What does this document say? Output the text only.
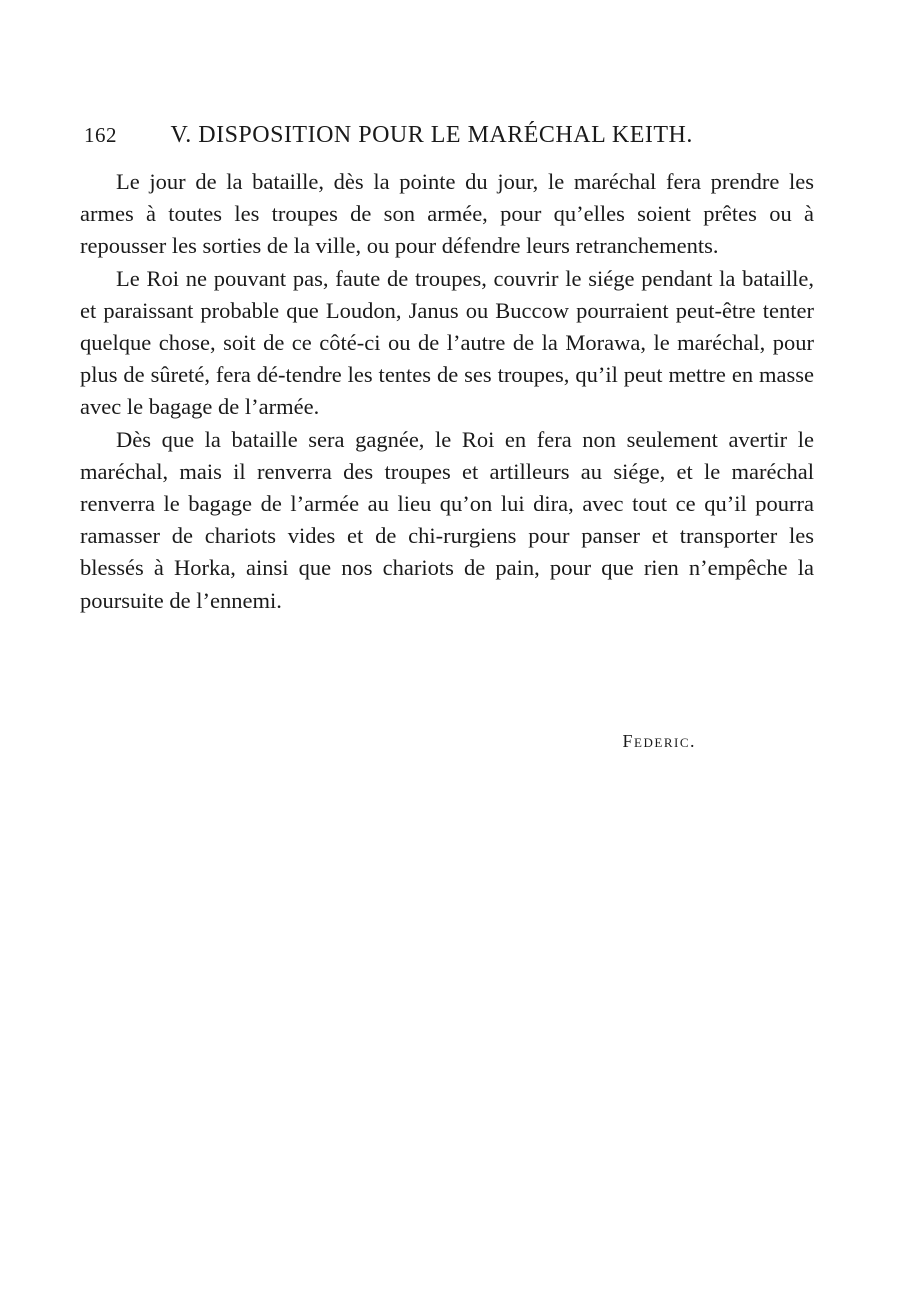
162 V. DISPOSITION POUR LE MARÉCHAL KEITH.

Le jour de la bataille, dès la pointe du jour, le maréchal fera prendre les armes à toutes les troupes de son armée, pour qu’elles soient prêtes ou à repousser les sorties de la ville, ou pour défendre leurs retranchements.

Le Roi ne pouvant pas, faute de troupes, couvrir le siége pendant la bataille, et paraissant probable que Loudon, Janus ou Buccow pourraient peut-être tenter quelque chose, soit de ce côté-ci ou de l’autre de la Morawa, le maréchal, pour plus de sûreté, fera dé-tendre les tentes de ses troupes, qu’il peut mettre en masse avec le bagage de l’armée.

Dès que la bataille sera gagnée, le Roi en fera non seulement avertir le maréchal, mais il renverra des troupes et artilleurs au siége, et le maréchal renverra le bagage de l’armée au lieu qu’on lui dira, avec tout ce qu’il pourra ramasser de chariots vides et de chi-rurgiens pour panser et transporter les blessés à Horka, ainsi que nos chariots de pain, pour que rien n’empêche la poursuite de l’ennemi.

Federic.
